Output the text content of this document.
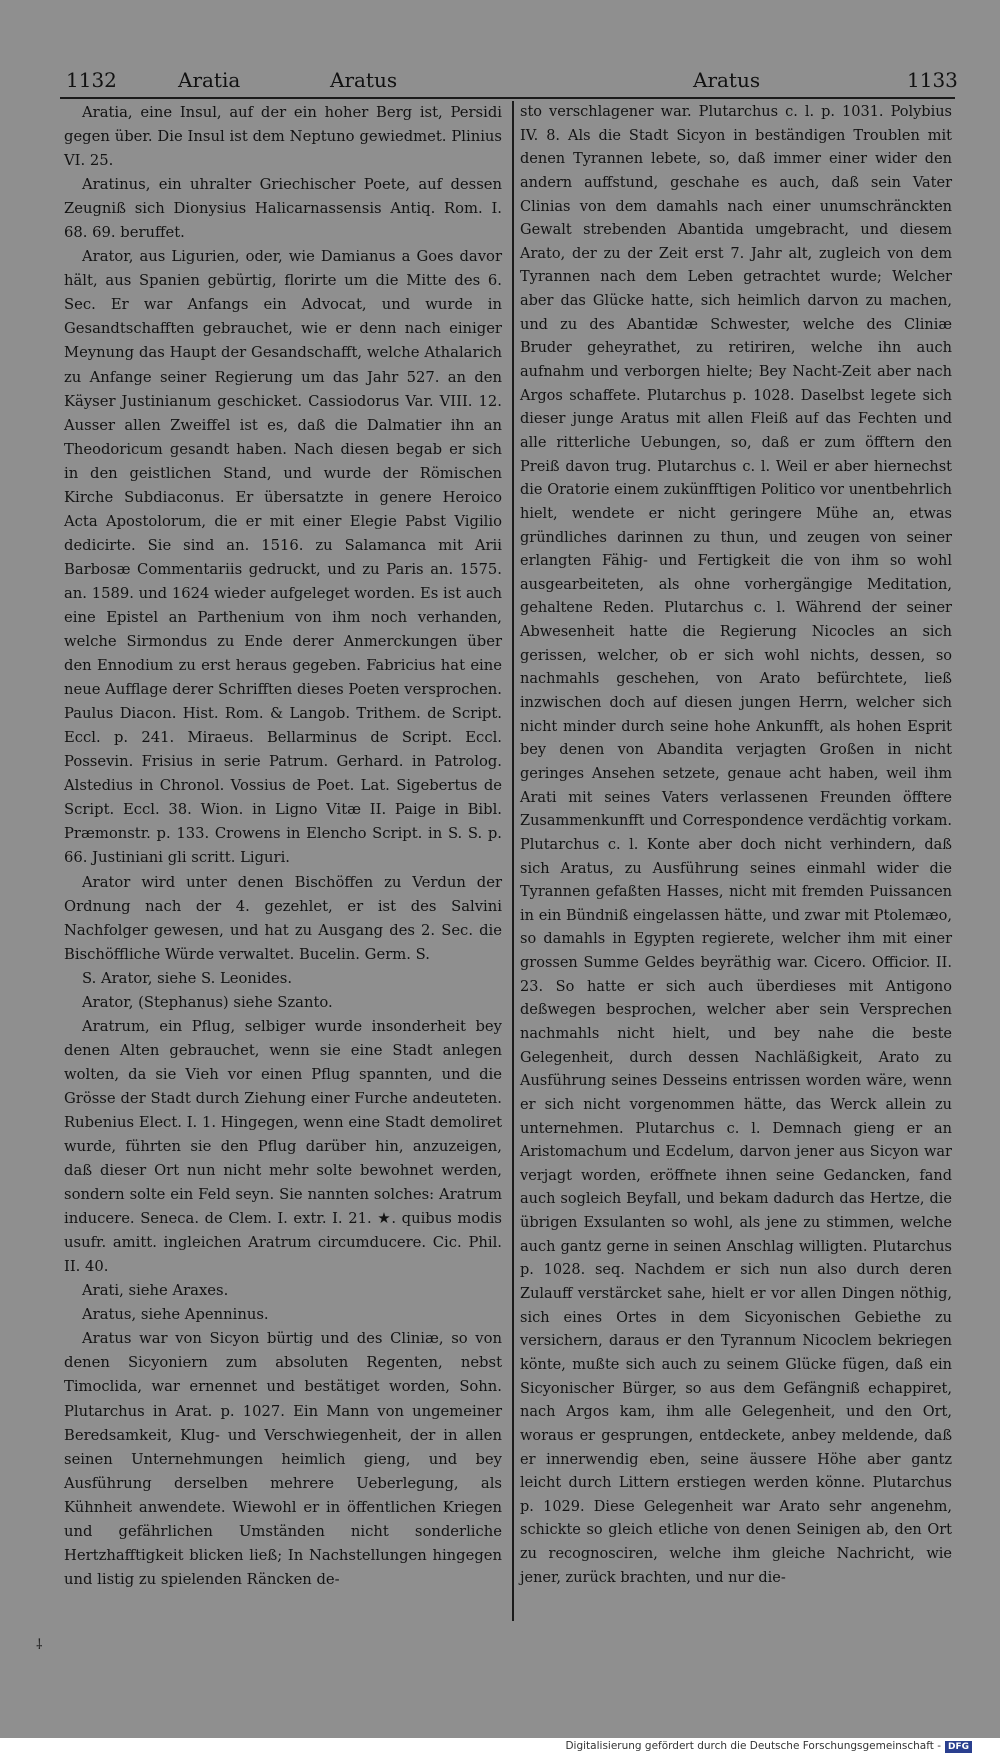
1132	Aratia	Aratus	Aratus	1133

Aratia, eine Insul, auf der ein hoher Berg ist, Persidi gegen über. Die Insul ist dem Neptuno gewiedmet. Plinius VI. 25.

Aratinus, ein uhralter Griechischer Poete, auf dessen Zeugniß sich Dionysius Halicarnassensis Antiq. Rom. I. 68. 69. beruffet.

Arator, aus Ligurien, oder, wie Damianus a Goes davor hält, aus Spanien gebürtig, florirte um die Mitte des 6. Sec. Er war Anfangs ein Advocat, und wurde in Gesandtschafften gebrauchet, wie er denn nach einiger Meynung das Haupt der Gesandschafft, welche Athalarich zu Anfange seiner Regierung um das Jahr 527. an den Käyser Justinianum geschicket. Cassiodorus Var. VIII. 12. Ausser allen Zweiffel ist es, daß die Dalmatier ihn an Theodoricum gesandt haben. Nach diesen begab er sich in den geistlichen Stand, und wurde der Römischen Kirche Subdiaconus. Er übersatzte in genere Heroico Acta Apostolorum, die er mit einer Elegie Pabst Vigilio dedicirte. Sie sind an. 1516. zu Salamanca mit Arii Barbosæ Commentariis gedruckt, und zu Paris an. 1575. an. 1589. und 1624 wieder aufgeleget worden. Es ist auch eine Epistel an Parthenium von ihm noch verhanden, welche Sirmondus zu Ende derer Anmerckungen über den Ennodium zu erst heraus gegeben. Fabricius hat eine neue Aufflage derer Schrifften dieses Poeten versprochen. Paulus Diacon. Hist. Rom. & Langob. Trithem. de Script. Eccl. p. 241. Miraeus. Bellarminus de Script. Eccl. Possevin. Frisius in serie Patrum. Gerhard. in Patrolog. Alstedius in Chronol. Vossius de Poet. Lat. Sigebertus de Script. Eccl. 38. Wion. in Ligno Vitæ II. Paige in Bibl. Præmonstr. p. 133. Crowens in Elencho Script. in S. S. p. 66. Justiniani gli scritt. Liguri.

Arator wird unter denen Bischöffen zu Verdun der Ordnung nach der 4. gezehlet, er ist des Salvini Nachfolger gewesen, und hat zu Ausgang des 2. Sec. die Bischöffliche Würde verwaltet. Bucelin. Germ. S.

S. Arator, siehe S. Leonides.

Arator, (Stephanus) siehe Szanto.

Aratrum, ein Pflug, selbiger wurde insonderheit bey denen Alten gebrauchet, wenn sie eine Stadt anlegen wolten, da sie Vieh vor einen Pflug spannten, und die Grösse der Stadt durch Ziehung einer Furche andeuteten. Rubenius Elect. I. 1. Hingegen, wenn eine Stadt demoliret wurde, führten sie den Pflug darüber hin, anzuzeigen, daß dieser Ort nun nicht mehr solte bewohnet werden, sondern solte ein Feld seyn. Sie nannten solches: Aratrum inducere. Seneca. de Clem. I. extr. I. 21. ★. quibus modis usufr. amitt. ingleichen Aratrum circumducere. Cic. Phil. II. 40.

Arati, siehe Araxes.

Aratus, siehe Apenninus.

Aratus war von Sicyon bürtig und des Cliniæ, so von denen Sicyoniern zum absoluten Regenten, nebst Timoclida, war ernennet und bestätiget worden, Sohn. Plutarchus in Arat. p. 1027. Ein Mann von ungemeiner Beredsamkeit, Klug- und Verschwiegenheit, der in allen seinen Unternehmungen heimlich gieng, und bey Ausführung derselben mehrere Ueberlegung, als Kühnheit anwendete. Wiewohl er in öffentlichen Kriegen und gefährlichen Umständen nicht sonderliche Hertzhafftigkeit blicken ließ; In Nachstellungen hingegen und listig zu spielenden Räncken de-

sto verschlagener war. Plutarchus c. l. p. 1031. Polybius IV. 8. Als die Stadt Sicyon in beständigen Troublen mit denen Tyrannen lebete, so, daß immer einer wider den andern auffstund, geschahe es auch, daß sein Vater Clinias von dem damahls nach einer unumschränckten Gewalt strebenden Abantida umgebracht, und diesem Arato, der zu der Zeit erst 7. Jahr alt, zugleich von dem Tyrannen nach dem Leben getrachtet wurde; Welcher aber das Glücke hatte, sich heimlich darvon zu machen, und zu des Abantidæ Schwester, welche des Cliniæ Bruder geheyrathet, zu retiriren, welche ihn auch aufnahm und verborgen hielte; Bey Nacht-Zeit aber nach Argos schaffete. Plutarchus p. 1028. Daselbst legete sich dieser junge Aratus mit allen Fleiß auf das Fechten und alle ritterliche Uebungen, so, daß er zum öfftern den Preiß davon trug. Plutarchus c. l. Weil er aber hiernechst die Oratorie einem zukünfftigen Politico vor unentbehrlich hielt, wendete er nicht geringere Mühe an, etwas gründliches darinnen zu thun, und zeugen von seiner erlangten Fähig- und Fertigkeit die von ihm so wohl ausgearbeiteten, als ohne vorhergängige Meditation, gehaltene Reden. Plutarchus c. l. Während der seiner Abwesenheit hatte die Regierung Nicocles an sich gerissen, welcher, ob er sich wohl nichts, dessen, so nachmahls geschehen, von Arato befürchtete, ließ inzwischen doch auf diesen jungen Herrn, welcher sich nicht minder durch seine hohe Ankunfft, als hohen Esprit bey denen von Abandita verjagten Großen in nicht geringes Ansehen setzete, genaue acht haben, weil ihm Arati mit seines Vaters verlassenen Freunden öfftere Zusammenkunfft und Correspondence verdächtig vorkam. Plutarchus c. l. Konte aber doch nicht verhindern, daß sich Aratus, zu Ausführung seines einmahl wider die Tyrannen gefaßten Hasses, nicht mit fremden Puissancen in ein Bündniß eingelassen hätte, und zwar mit Ptolemæo, so damahls in Egypten regierete, welcher ihm mit einer grossen Summe Geldes beyräthig war. Cicero. Officior. II. 23. So hatte er sich auch überdieses mit Antigono deßwegen besprochen, welcher aber sein Versprechen nachmahls nicht hielt, und bey nahe die beste Gelegenheit, durch dessen Nachläßigkeit, Arato zu Ausführung seines Desseins entrissen worden wäre, wenn er sich nicht vorgenommen hätte, das Werck allein zu unternehmen. Plutarchus c. l. Demnach gieng er an Aristomachum und Ecdelum, darvon jener aus Sicyon war verjagt worden, eröffnete ihnen seine Gedancken, fand auch sogleich Beyfall, und bekam dadurch das Hertze, die übrigen Exsulanten so wohl, als jene zu stimmen, welche auch gantz gerne in seinen Anschlag willigten. Plutarchus p. 1028. seq. Nachdem er sich nun also durch deren Zulauff verstärcket sahe, hielt er vor allen Dingen nöthig, sich eines Ortes in dem Sicyonischen Gebiethe zu versichern, daraus er den Tyrannum Nicoclem bekriegen könte, mußte sich auch zu seinem Glücke fügen, daß ein Sicyonischer Bürger, so aus dem Gefängniß echappiret, nach Argos kam, ihm alle Gelegenheit, und den Ort, woraus er gesprungen, entdeckete, anbey meldende, daß er innerwendig eben, seine äussere Höhe aber gantz leicht durch Littern erstiegen werden könne. Plutarchus p. 1029. Diese Gelegenheit war Arato sehr angenehm, schickte so gleich etliche von denen Seinigen ab, den Ort zu recognosciren, welche ihm gleiche Nachricht, wie jener, zurück brachten, und nur die-

⸸
Digitalisierung gefördert durch die Deutsche Forschungsgemeinschaft - DFG
